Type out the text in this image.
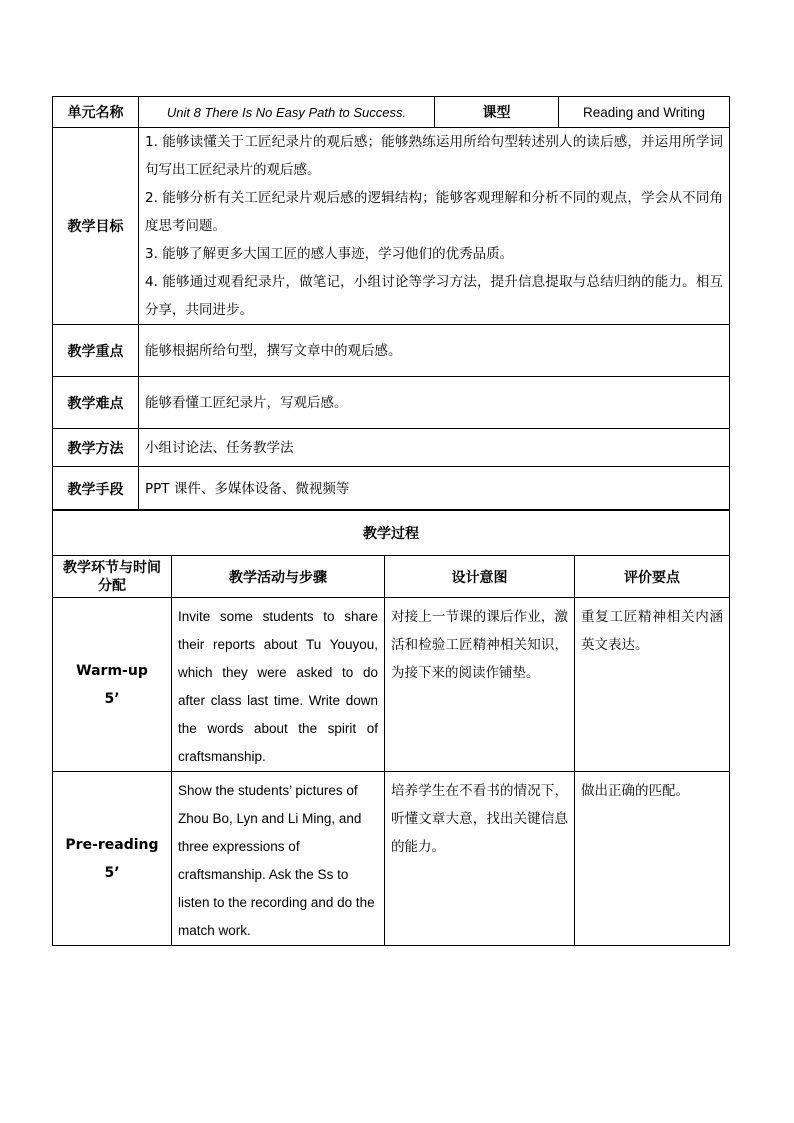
单元名称	Unit 8 There Is No Easy Path to Success.	课型	Reading and Writing
教学目标	1. 能够读懂关于工匠纪录片的观后感；能够熟练运用所给句型转述别人的读后感，并运用所学词句写出工匠纪录片的观后感。

2. 能够分析有关工匠纪录片观后感的逻辑结构；能够客观理解和分析不同的观点，学会从不同角度思考问题。

3. 能够了解更多大国工匠的感人事迹，学习他们的优秀品质。

4. 能够通过观看纪录片，做笔记，小组讨论等学习方法，提升信息提取与总结归纳的能力。相互分享，共同进步。		

教学重点	能够根据所给句型，撰写文章中的观后感。		
教学难点	能够看懂工匠纪录片，写观后感。		
教学方法	小组讨论法、任务教学法		
教学手段	PPT 课件、多媒体设备、微视频等		
教学过程			
教学环节与时间分配	教学活动与步骤	设计意图	评价要点

Warm-up
5’	Invite some students to share their reports about Tu Youyou, which they were asked to do after class last time. Write down the words about the spirit of craftsmanship.	对接上一节课的课后作业，激活和检验工匠精神相关知识，为接下来的阅读作铺垫。	重复工匠精神相关内涵英文表达。

Pre-reading
5’	Show the students’ pictures of Zhou Bo, Lyn and Li Ming, and three expressions of craftsmanship. Ask the Ss to listen to the recording and do the match work.	培养学生在不看书的情况下，听懂文章大意，找出关键信息的能力。	做出正确的匹配。
